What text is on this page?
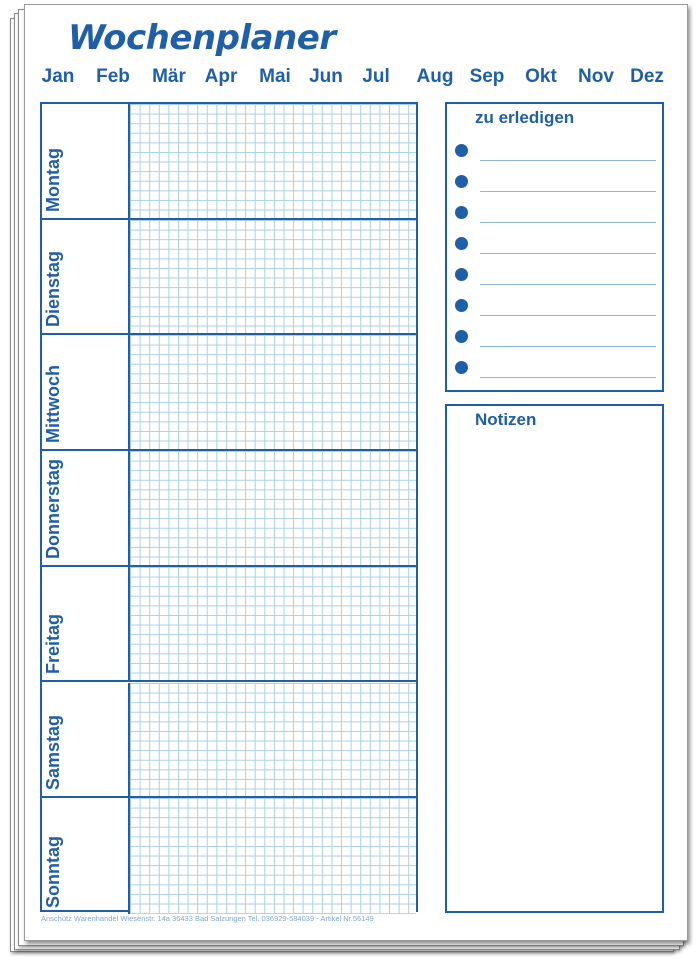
Wochenplaner
Jan Feb Mär Apr Mai Jun Jul Aug Sep Okt Nov Dez
Montag
Dienstag
Mittwoch
Donnerstag
Freitag
Samstag
Sonntag
Anschütz Warenhandel Wiesenstr. 14a 36433 Bad Salzungen Tel. 036929-584039 - Artikel Nr.56149
zu erledigen
Notizen
